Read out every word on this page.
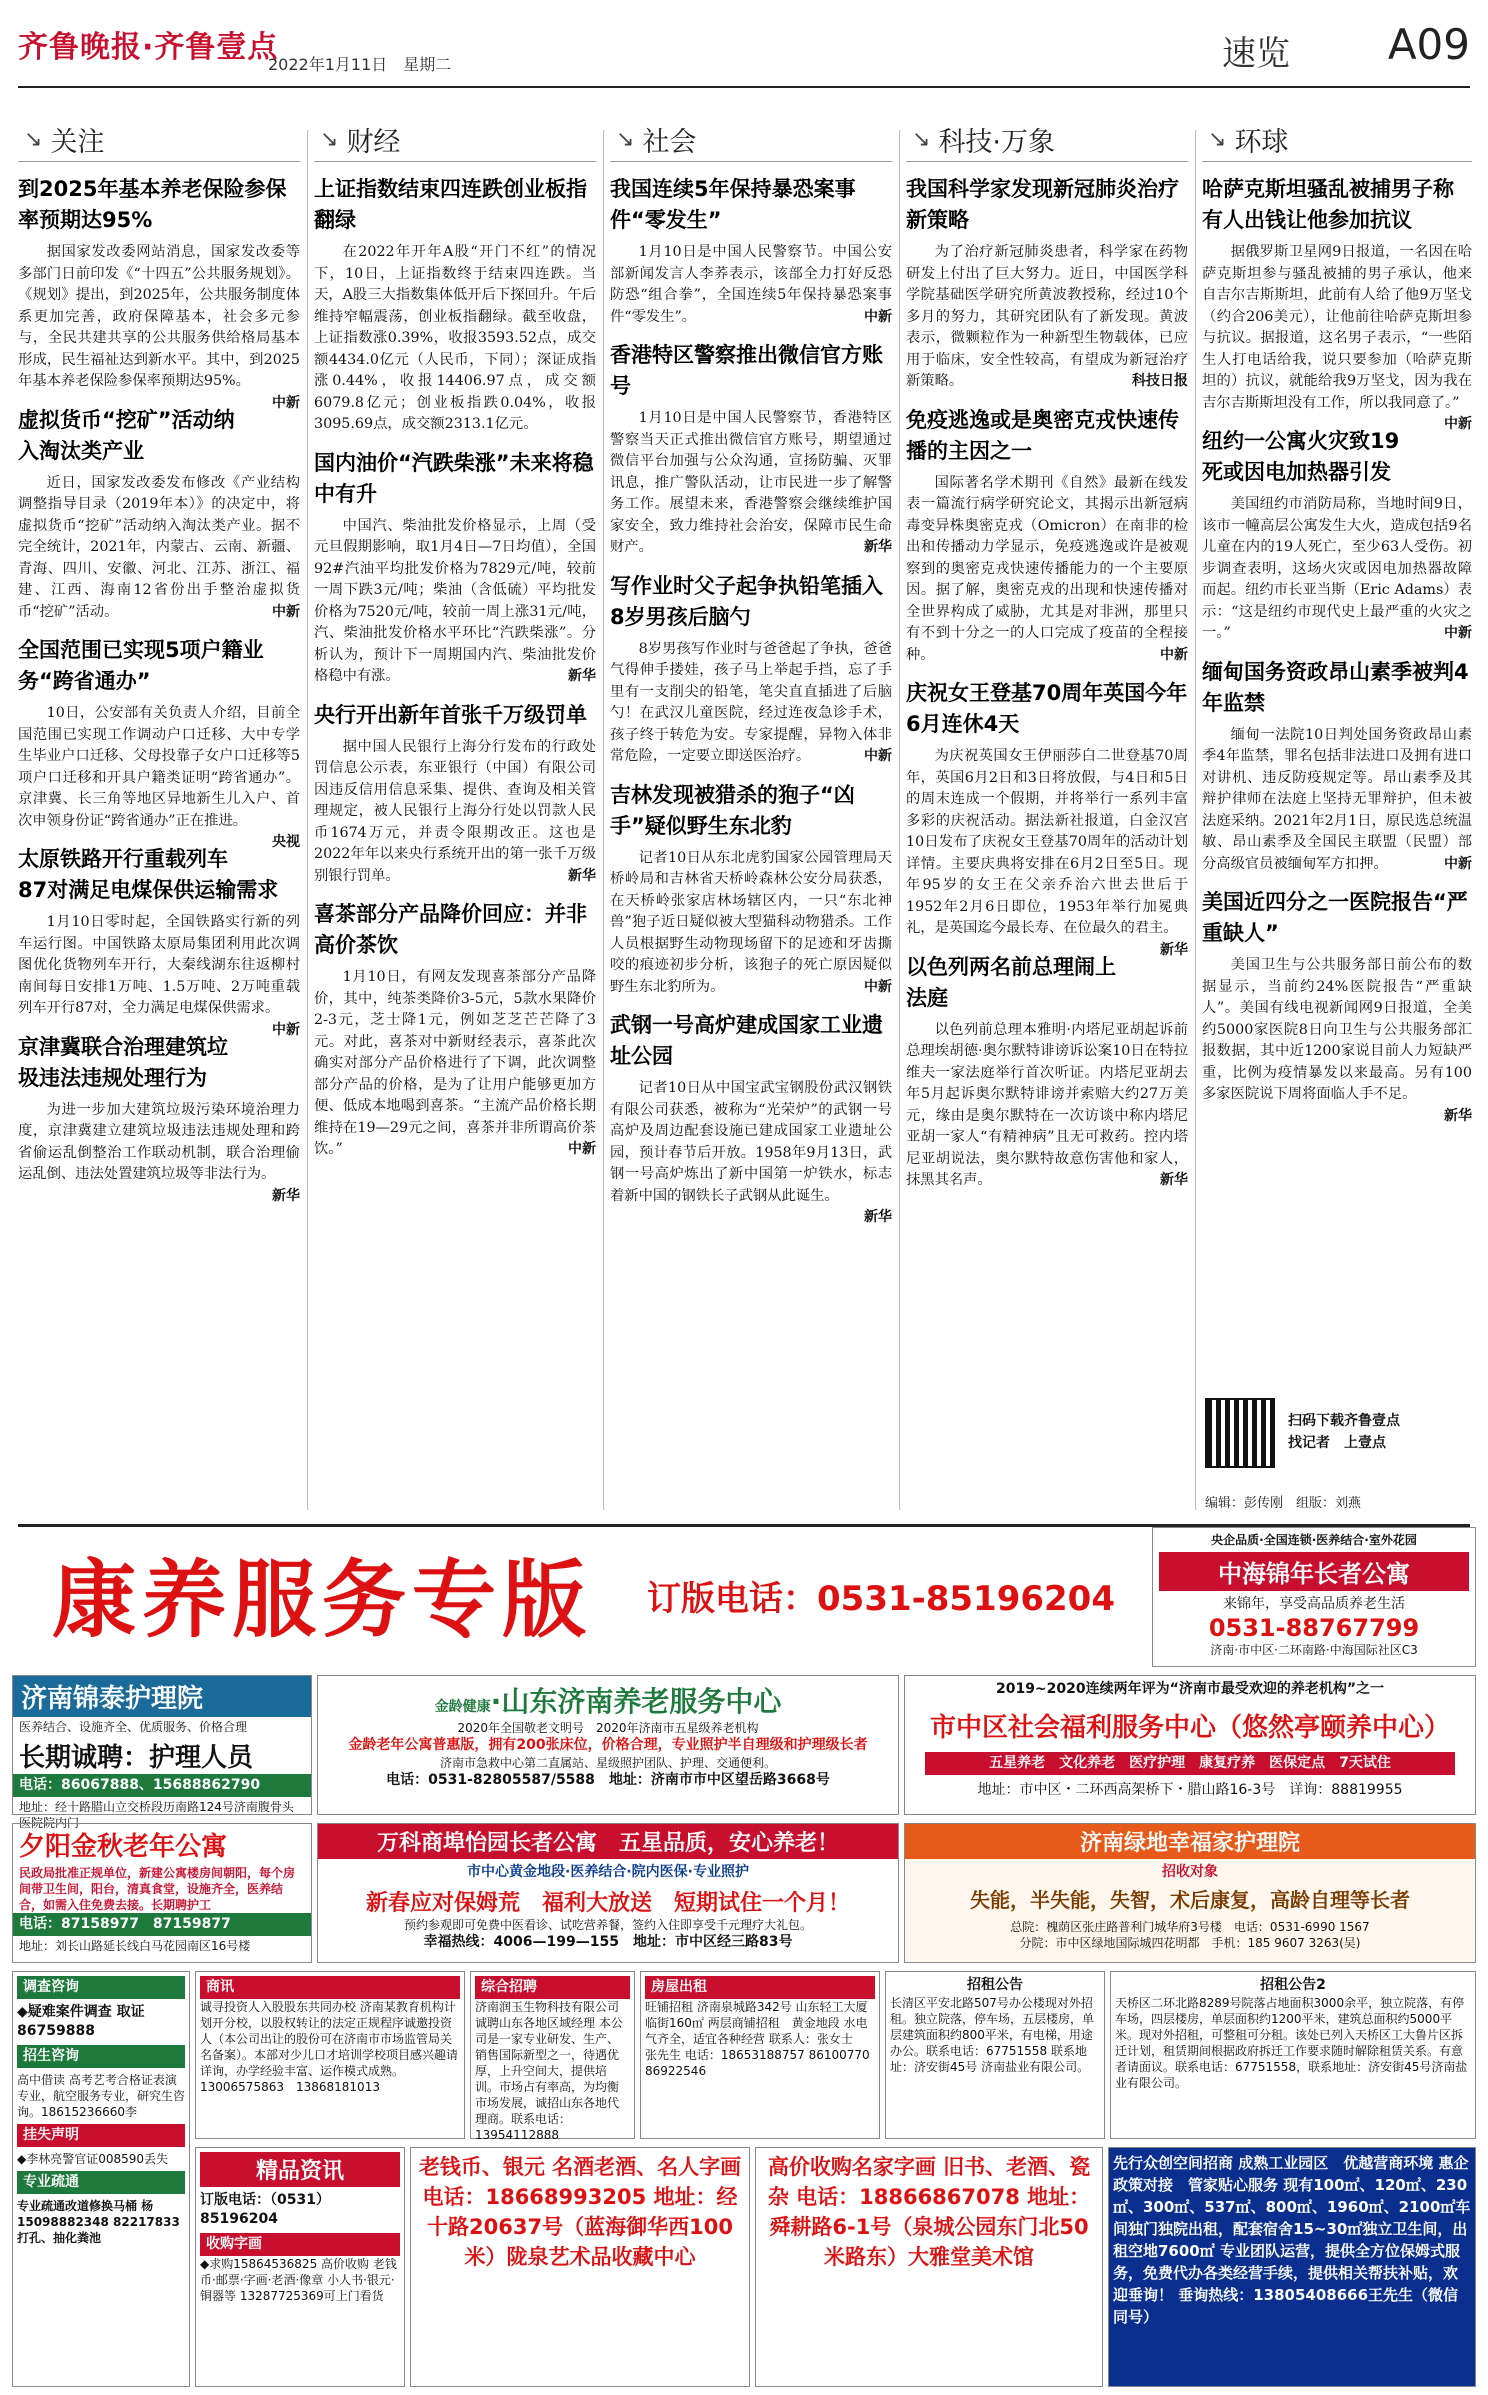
齐鲁晚报·齐鲁壹点
2022年1月11日　星期二	速览 A09
↘ 关注
到2025年基本养老保险参保率预期达95%
据国家发改委网站消息，国家发改委等多部门日前印发《“十四五”公共服务规划》。《规划》提出，到2025年，公共服务制度体系更加完善，政府保障基本，社会多元参与，全民共建共享的公共服务供给格局基本形成，民生福祉达到新水平。其中，到2025年基本养老保险参保率预期达95%。
中新
虚拟货币“挖矿”活动纳入淘汰类产业
近日，国家发改委发布修改《产业结构调整指导目录（2019年本）》的决定中，将虚拟货币“挖矿”活动纳入淘汰类产业。据不完全统计，2021年，内蒙古、云南、新疆、青海、四川、安徽、河北、江苏、浙江、福建、江西、海南12省份出手整治虚拟货币“挖矿”活动。	中新
全国范围已实现5项户籍业务“跨省通办”
10日，公安部有关负责人介绍，目前全国范围已实现工作调动户口迁移、大中专学生毕业户口迁移、父母投靠子女户口迁移等5项户口迁移和开具户籍类证明“跨省通办”。京津冀、长三角等地区异地新生儿入户、首次申领身份证“跨省通办”正在推进。
央视
太原铁路开行重载列车87对满足电煤保供运输需求
1月10日零时起，全国铁路实行新的列车运行图。中国铁路太原局集团利用此次调图优化货物列车开行，大秦线湖东往返柳村南间每日安排1万吨、1.5万吨、2万吨重载列车开行87对，全力满足电煤保供需求。
中新
京津冀联合治理建筑垃圾违法违规处理行为
为进一步加大建筑垃圾污染环境治理力度，京津冀建立建筑垃圾违法违规处理和跨省偷运乱倒整治工作联动机制，联合治理偷运乱倒、违法处置建筑垃圾等非法行为。
新华
↘ 财经
上证指数结束四连跌创业板指翻绿
在2022年开年A股“开门不红”的情况下，10日，上证指数终于结束四连跌。当天，A股三大指数集体低开后下探回升。午后维持窄幅震荡，创业板指翻绿。截至收盘，上证指数涨0.39%，收报3593.52点，成交额4434.0亿元（人民币，下同）；深证成指涨0.44%，收报14406.97点，成交额6079.8亿元；创业板指跌0.04%，收报3095.69点，成交额2313.1亿元。
国内油价“汽跌柴涨”未来将稳中有升
中国汽、柴油批发价格显示，上周（受元旦假期影响，取1月4日—7日均值），全国92#汽油平均批发价格为7829元/吨，较前一周下跌3元/吨；柴油（含低硫）平均批发价格为7520元/吨，较前一周上涨31元/吨，汽、柴油批发价格水平环比“汽跌柴涨”。分析认为，预计下一周期国内汽、柴油批发价格稳中有涨。	新华
央行开出新年首张千万级罚单
据中国人民银行上海分行发布的行政处罚信息公示表，东亚银行（中国）有限公司因违反信用信息采集、提供、查询及相关管理规定，被人民银行上海分行处以罚款人民币1674万元，并责令限期改正。这也是2022年年以来央行系统开出的第一张千万级别银行罚单。	新华
喜茶部分产品降价回应：并非高价茶饮
1月10日，有网友发现喜茶部分产品降价，其中，纯茶类降价3-5元，5款水果降价2-3元，芝士降1元，例如芝芝芒芒降了3元。对此，喜茶对中新财经表示，喜茶此次确实对部分产品价格进行了下调，此次调整部分产品的价格，是为了让用户能够更加方便、低成本地喝到喜茶。“主流产品价格长期维持在19—29元之间，喜茶并非所谓高价茶饮。”	中新
↘ 社会
我国连续5年保持暴恐案事件“零发生”
1月10日是中国人民警察节。中国公安部新闻发言人李荞表示，该部全力打好反恐防恐“组合拳”，全国连续5年保持暴恐案事件“零发生”。	中新
香港特区警察推出微信官方账号
1月10日是中国人民警察节，香港特区警察当天正式推出微信官方账号，期望通过微信平台加强与公众沟通，宣扬防骗、灭罪讯息，推广警队活动，让市民进一步了解警务工作。展望未来，香港警察会继续维护国家安全，致力维持社会治安，保障市民生命财产。	新华
写作业时父子起争执铅笔插入8岁男孩后脑勺
8岁男孩写作业时与爸爸起了争执，爸爸气得伸手搂娃，孩子马上举起手挡，忘了手里有一支削尖的铅笔，笔尖直直插进了后脑勺！在武汉儿童医院，经过连夜急诊手术，孩子终于转危为安。专家提醒，异物入体非常危险，一定要立即送医治疗。	中新
吉林发现被猎杀的狍子“凶手”疑似野生东北豹
记者10日从东北虎豹国家公园管理局天桥岭局和吉林省天桥岭森林公安分局获悉，在天桥岭张家店林场辖区内，一只“东北神兽”狍子近日疑似被大型猫科动物猎杀。工作人员根据野生动物现场留下的足迹和牙齿撕咬的痕迹初步分析，该狍子的死亡原因疑似野生东北豹所为。	中新
武钢一号高炉建成国家工业遗址公园
记者10日从中国宝武宝钢股份武汉钢铁有限公司获悉，被称为“光荣炉”的武钢一号高炉及周边配套设施已建成国家工业遗址公园，预计春节后开放。1958年9月13日，武钢一号高炉炼出了新中国第一炉铁水，标志着新中国的钢铁长子武钢从此诞生。
新华
↘ 科技·万象
我国科学家发现新冠肺炎治疗新策略
为了治疗新冠肺炎患者，科学家在药物研发上付出了巨大努力。近日，中国医学科学院基础医学研究所黄波教授称，经过10个多月的努力，其研究团队有了新发现。黄波表示，微颗粒作为一种新型生物载体，已应用于临床，安全性较高，有望成为新冠治疗新策略。	科技日报
免疫逃逸或是奥密克戎快速传播的主因之一
国际著名学术期刊《自然》最新在线发表一篇流行病学研究论文，其揭示出新冠病毒变异株奥密克戎（Omicron）在南非的检出和传播动力学显示，免疫逃逸或许是被观察到的奥密克戎快速传播能力的一个主要原因。据了解，奥密克戎的出现和快速传播对全世界构成了威胁，尤其是对非洲，那里只有不到十分之一的人口完成了疫苗的全程接种。	中新
庆祝女王登基70周年英国今年6月连休4天
为庆祝英国女王伊丽莎白二世登基70周年，英国6月2日和3日将放假，与4日和5日的周末连成一个假期，并将举行一系列丰富多彩的庆祝活动。据法新社报道，白金汉宫10日发布了庆祝女王登基70周年的活动计划详情。主要庆典将安排在6月2日至5日。现年95岁的女王在父亲乔治六世去世后于1952年2月6日即位，1953年举行加冕典礼，是英国迄今最长寿、在位最久的君主。
新华
以色列两名前总理闹上法庭
以色列前总理本雅明·内塔尼亚胡起诉前总理埃胡德·奥尔默特诽谤诉讼案10日在特拉维夫一家法庭举行首次听证。内塔尼亚胡去年5月起诉奥尔默特诽谤并索赔大约27万美元，缘由是奥尔默特在一次访谈中称内塔尼亚胡一家人“有精神病”且无可救药。控内塔尼亚胡说法，奥尔默特故意伤害他和家人，抹黑其名声。	新华
↘ 环球
哈萨克斯坦骚乱被捕男子称有人出钱让他参加抗议
据俄罗斯卫星网9日报道，一名因在哈萨克斯坦参与骚乱被捕的男子承认，他来自吉尔吉斯斯坦，此前有人给了他9万坚戈（约合206美元），让他前往哈萨克斯坦参与抗议。据报道，这名男子表示，“一些陌生人打电话给我，说只要参加（哈萨克斯坦的）抗议，就能给我9万坚戈，因为我在吉尔吉斯斯坦没有工作，所以我同意了。”
中新
纽约一公寓火灾致19死或因电加热器引发
美国纽约市消防局称，当地时间9日，该市一幢高层公寓发生大火，造成包括9名儿童在内的19人死亡，至少63人受伤。初步调查表明，这场火灾或因电加热器故障而起。纽约市长亚当斯（Eric Adams）表示：“这是纽约市现代史上最严重的火灾之一。”	中新
缅甸国务资政昂山素季被判4年监禁
缅甸一法院10日判处国务资政昂山素季4年监禁，罪名包括非法进口及拥有进口对讲机、违反防疫规定等。昂山素季及其辩护律师在法庭上坚持无罪辩护，但未被法庭采纳。2021年2月1日，原民选总统温敏、昂山素季及全国民主联盟（民盟）部分高级官员被缅甸军方扣押。	中新
美国近四分之一医院报告“严重缺人”
美国卫生与公共服务部日前公布的数据显示，当前约24%医院报告“严重缺人”。美国有线电视新闻网9日报道，全美约5000家医院8日向卫生与公共服务部汇报数据，其中近1200家说目前人力短缺严重，比例为疫情暴发以来最高。另有100多家医院说下周将面临人手不足。
新华
扫码下载齐鲁壹点
找记者　上壹点
编辑：彭传刚　组版：刘燕
康养服务专版 订版电话：0531-85196204
央企品质·全国连锁·医养结合·室外花园
中海锦年长者公寓
来锦年，享受高品质养老生活
0531-88767799
济南·市中区·二环南路·中海国际社区C3
济南锦泰护理院
医养结合、设施齐全、优质服务、价格合理
长期诚聘：护理人员
电话：86067888、15688862790
地址：经十路腊山立交桥段历南路124号济南腹骨头医院院内门
金龄健康·山东济南养老服务中心
2020年全国敬老文明号　2020年济南市五星级养老机构
金龄老年公寓普惠版，拥有200张床位，价格合理，专业照护半自理级和护理级长者
济南市急救中心第二直属站、星级照护团队、护理、交通便利。
电话：0531-82805587/5588　地址：济南市市中区望岳路3668号
2019~2020连续两年评为“济南市最受欢迎的养老机构”之一
市中区社会福利服务中心（悠然亭颐养中心）
五星养老　文化养老　医疗护理　康复疗养　医保定点　7天试住
地址：市中区・二环西高架桥下・腊山路16-3号　详询：88819955
夕阳金秋老年公寓
民政局批准正规单位，新建公寓楼房间朝阳，每个房间带卫生间，阳台，清真食堂，设施齐全，医养结合，如需入住免费去接。长期聘护工
电话：87158977　87159877
地址：刘长山路延长线白马花园南区16号楼
万科商埠怡园长者公寓　五星品质，安心养老！
市中心黄金地段·医养结合·院内医保·专业照护
新春应对保姆荒　福利大放送　短期试住一个月！
预约参观即可免费中医看诊、试吃营养餐，签约入住即享受千元理疗大礼包。
幸福热线：4006—199—155　地址：市中区经三路83号
济南绿地幸福家护理院
招收对象
失能，半失能，失智，术后康复，高龄自理等长者
总院：槐荫区张庄路普利门城华府3号楼　电话：0531-6990 1567
分院：市中区绿地国际城四花明都　手机：185 9607 3263(吴)
调查咨询
◆疑难案件调查 取证86759888
招生咨询
高中借读 高考艺考合格证表演专业，航空服务专业，研究生咨询。18615236660李
挂失声明
◆李林亮警官证008590丢失
专业疏通
专业疏通改道修换马桶 杨15098882348 82217833打孔、抽化粪池
商讯
诚寻投资人入股股东共同办校 济南某教育机构计划开分校，以股权转让的法定正规程序诚邀投资人（本公司出让的股份可在济南市市场监管局关名备案）。本部对少儿口才培训学校项目感兴趣请详询，办学经验丰富、运作模式成熟。13006575863　13868181013
综合招聘
济南润玉生物科技有限公司诚聘山东各地区域经理 本公司是一家专业研发、生产、销售国际新型之一，待遇优厚，上升空间大，提供培训。市场占有率高，为均衡市场发展，诚招山东各地代理商。联系电话：13954112888
房屋出租
旺铺招租 济南泉城路342号 山东轻工大厦　临街160㎡ 两层商铺招租　黄金地段 水电气齐全，适宜各种经营 联系人：张女士　张先生 电话：18653188757 86100770　86922546
招租公告
长清区平安北路507号办公楼现对外招租。独立院落，停车场，五层楼房，单层建筑面积约800平米，有电梯，用途办公。联系电话：67751558 联系地址：济安街45号 济南盐业有限公司。
招租公告2
天桥区二环北路8289号院落占地面积3000余平，独立院落，有停车场，四层楼房，单层面积约1200平米，建筑总面积约5000平米。现对外招租，可整租可分租。该处已列入天桥区工大鲁片区拆迁计划，租赁期间根据政府拆迁工作要求随时解除租赁关系。有意者请面议。联系电话：67751558，联系地址：济安街45号济南盐业有限公司。
精品资讯
订版电话：（0531）85196204
收购字画
◆求购15864536825 高价收购 老钱币·邮票·字画·老酒·像章 小人书·银元·铜器等 13287725369可上门看货
老钱币、银元 名酒老酒、名人字画 电话：18668993205 地址：经十路20637号（蓝海御华西100米）陇泉艺术品收藏中心
高价收购名家字画 旧书、老酒、瓷杂 电话：18866867078 地址：舜耕路6-1号（泉城公园东门北50米路东）大雅堂美术馆
先行众创空间招商 成熟工业园区　优越营商环境 惠企政策对接　管家贴心服务 现有100㎡、120㎡、230㎡、300㎡、537㎡、800㎡、1960㎡、2100㎡车间独门独院出租，配套宿舍15~30㎡独立卫生间，出租空地7600㎡ 专业团队运营，提供全方位保姆式服务，免费代办各类经营手续，提供相关帮扶补贴，欢迎垂询！ 垂询热线：13805408666王先生（微信同号）
